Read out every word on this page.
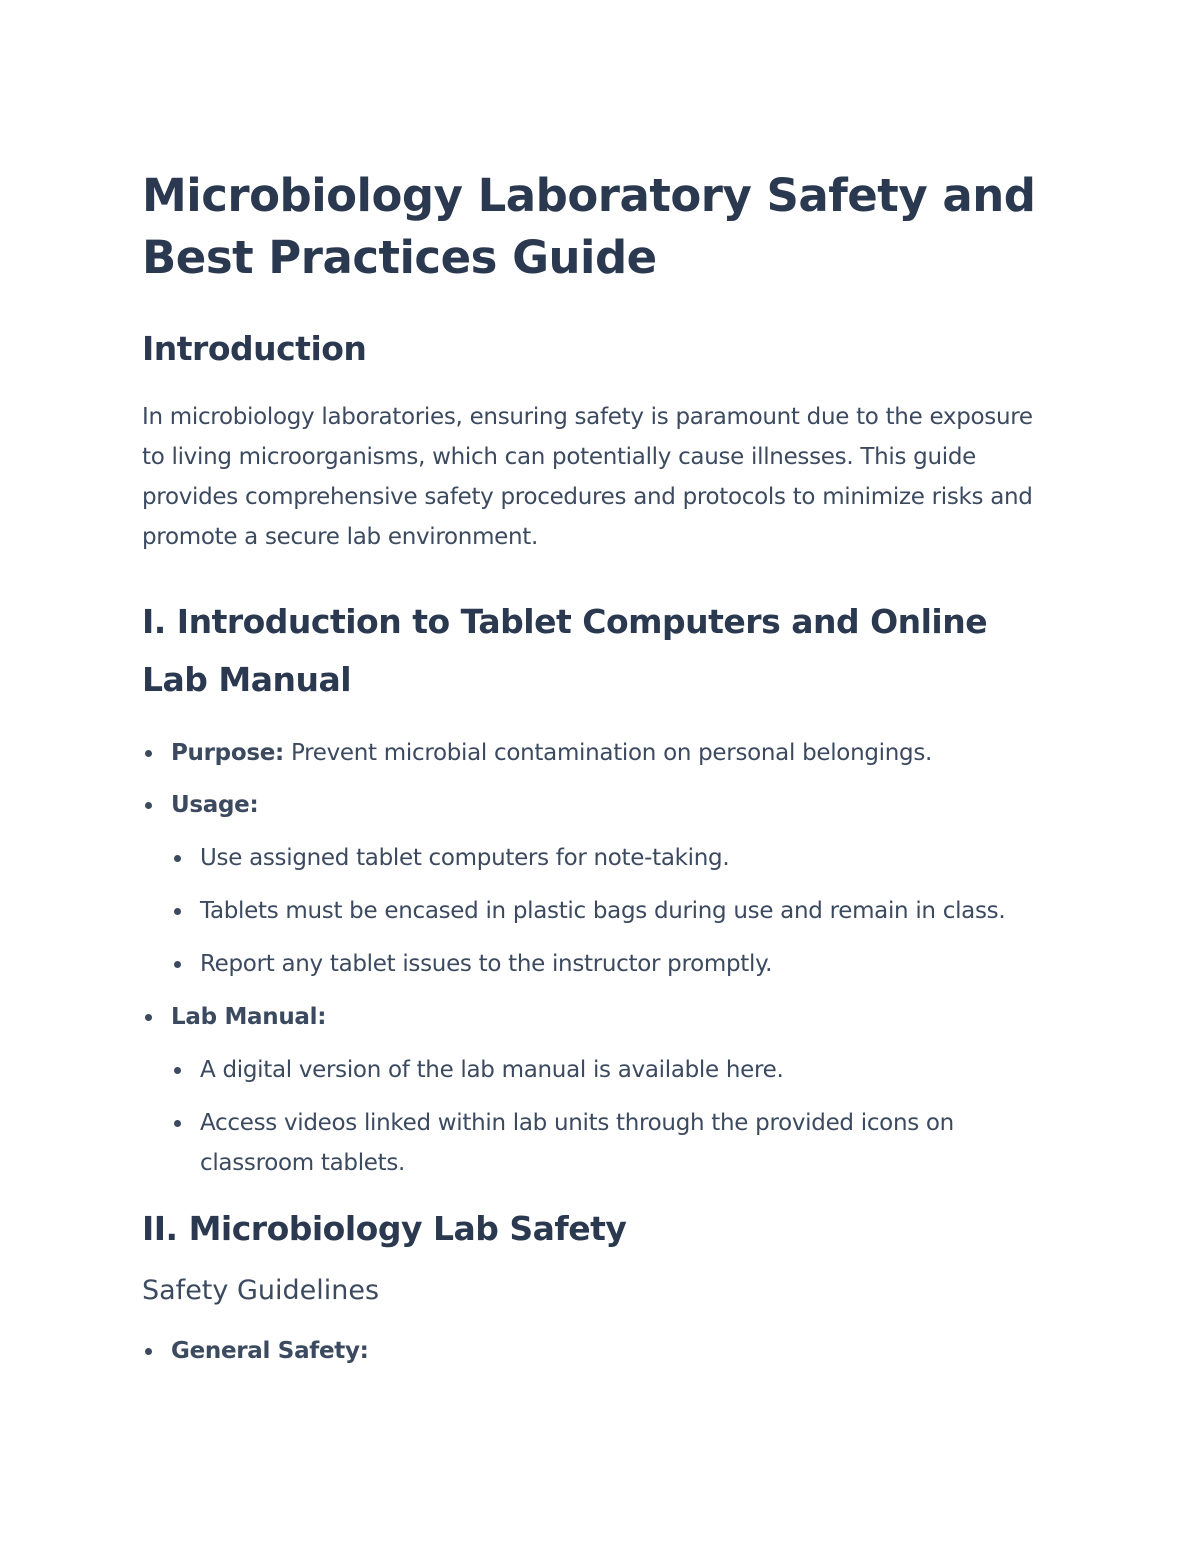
Microbiology Laboratory Safety and Best Practices Guide
Introduction

In microbiology laboratories, ensuring safety is paramount due to the exposure to living microorganisms, which can potentially cause illnesses. This guide provides comprehensive safety procedures and protocols to minimize risks and promote a secure lab environment.

I. Introduction to Tablet Computers and Online Lab Manual
Purpose: Prevent microbial contamination on personal belongings.
Usage:
Use assigned tablet computers for note-taking.
Tablets must be encased in plastic bags during use and remain in class.
Report any tablet issues to the instructor promptly.
Lab Manual:
A digital version of the lab manual is available here.
Access videos linked within lab units through the provided icons on classroom tablets.
II. Microbiology Lab Safety
Safety Guidelines
General Safety:
